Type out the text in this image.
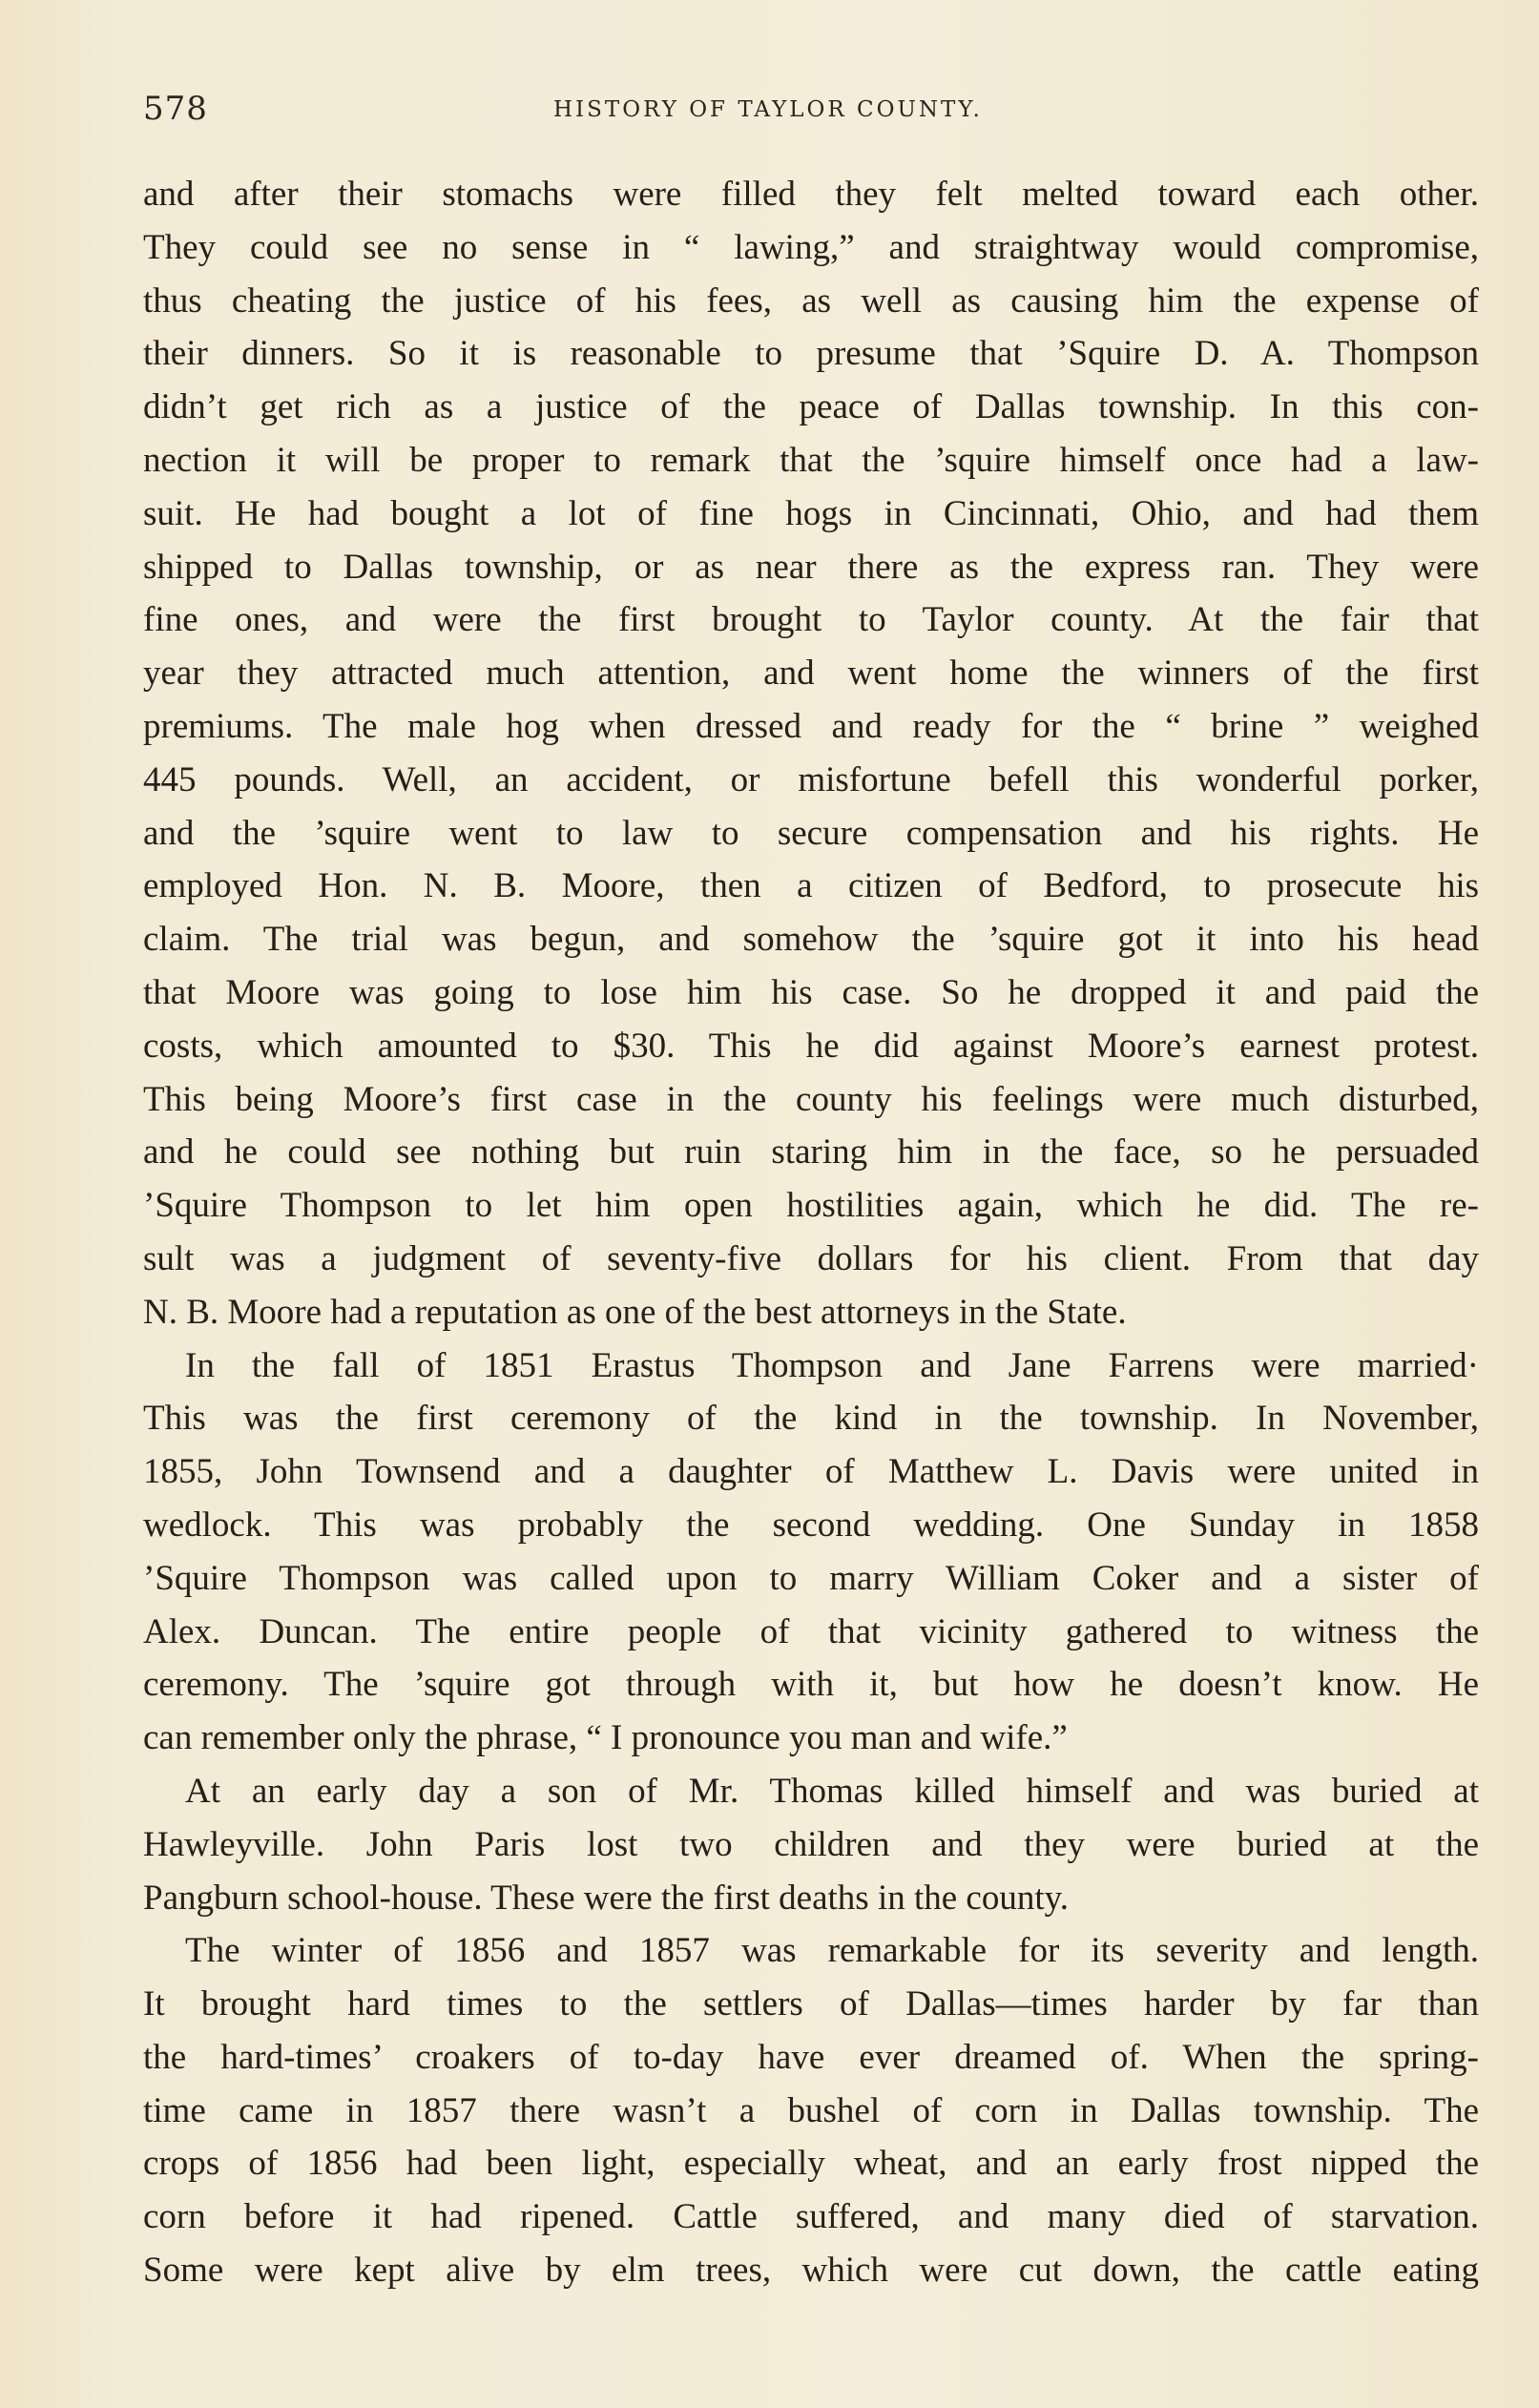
578	HISTORY OF TAYLOR COUNTY.
and after their stomachs were filled they felt melted toward each other.
They could see no sense in “ lawing,” and straightway would compromise,
thus cheating the justice of his fees, as well as causing him the expense of
their dinners. So it is reasonable to presume that ’Squire D. A. Thompson
didn’t get rich as a justice of the peace of Dallas township. In this con-
nection it will be proper to remark that the ’squire himself once had a law-
suit. He had bought a lot of fine hogs in Cincinnati, Ohio, and had them
shipped to Dallas township, or as near there as the express ran. They were
fine ones, and were the first brought to Taylor county. At the fair that
year they attracted much attention, and went home the winners of the first
premiums. The male hog when dressed and ready for the “ brine ” weighed
445 pounds. Well, an accident, or misfortune befell this wonderful porker,
and the ’squire went to law to secure compensation and his rights. He
employed Hon. N. B. Moore, then a citizen of Bedford, to prosecute his
claim. The trial was begun, and somehow the ’squire got it into his head
that Moore was going to lose him his case. So he dropped it and paid the
costs, which amounted to $30. This he did against Moore’s earnest protest.
This being Moore’s first case in the county his feelings were much disturbed,
and he could see nothing but ruin staring him in the face, so he persuaded
’Squire Thompson to let him open hostilities again, which he did. The re-
sult was a judgment of seventy-five dollars for his client. From that day
N. B. Moore had a reputation as one of the best attorneys in the State.
In the fall of 1851 Erastus Thompson and Jane Farrens were married·
This was the first ceremony of the kind in the township. In November,
1855, John Townsend and a daughter of Matthew L. Davis were united in
wedlock. This was probably the second wedding. One Sunday in 1858
’Squire Thompson was called upon to marry William Coker and a sister of
Alex. Duncan. The entire people of that vicinity gathered to witness the
ceremony. The ’squire got through with it, but how he doesn’t know. He
can remember only the phrase, “ I pronounce you man and wife.”
At an early day a son of Mr. Thomas killed himself and was buried at
Hawleyville. John Paris lost two children and they were buried at the
Pangburn school-house. These were the first deaths in the county.
The winter of 1856 and 1857 was remarkable for its severity and length.
It brought hard times to the settlers of Dallas—times harder by far than
the hard-times’ croakers of to-day have ever dreamed of. When the spring-
time came in 1857 there wasn’t a bushel of corn in Dallas township. The
crops of 1856 had been light, especially wheat, and an early frost nipped the
corn before it had ripened. Cattle suffered, and many died of starvation.
Some were kept alive by elm trees, which were cut down, the cattle eating
